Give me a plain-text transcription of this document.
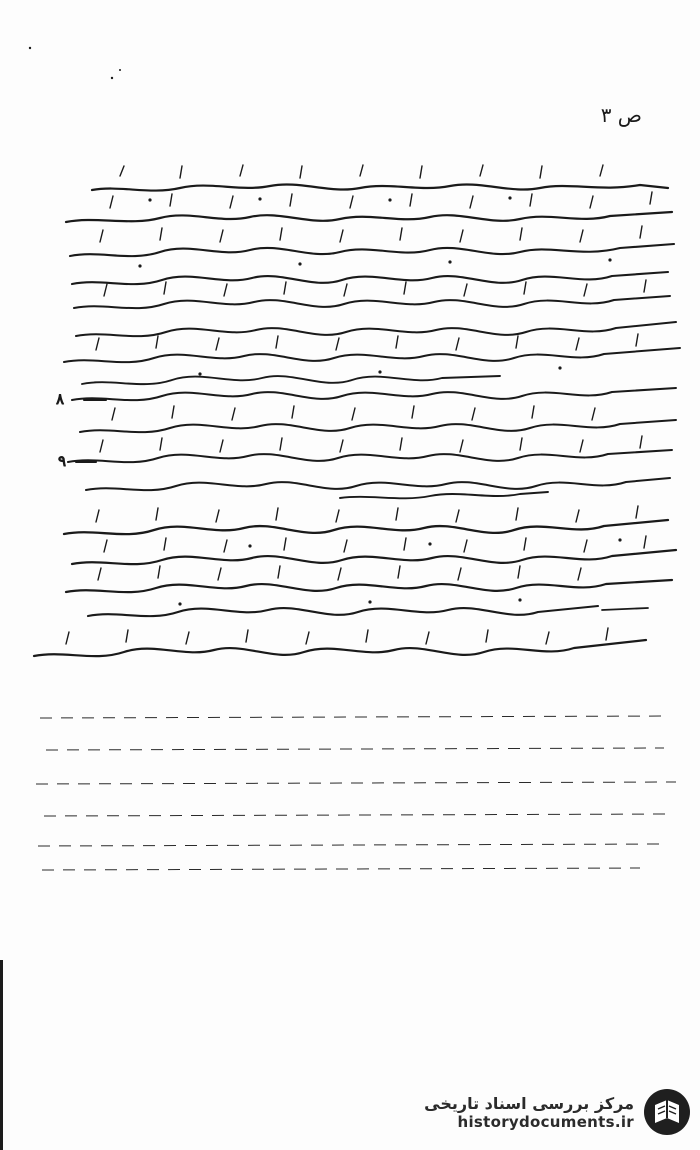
ص ۳
۸
۹
مرکز بررسی اسناد تاریخی
historydocuments.ir
